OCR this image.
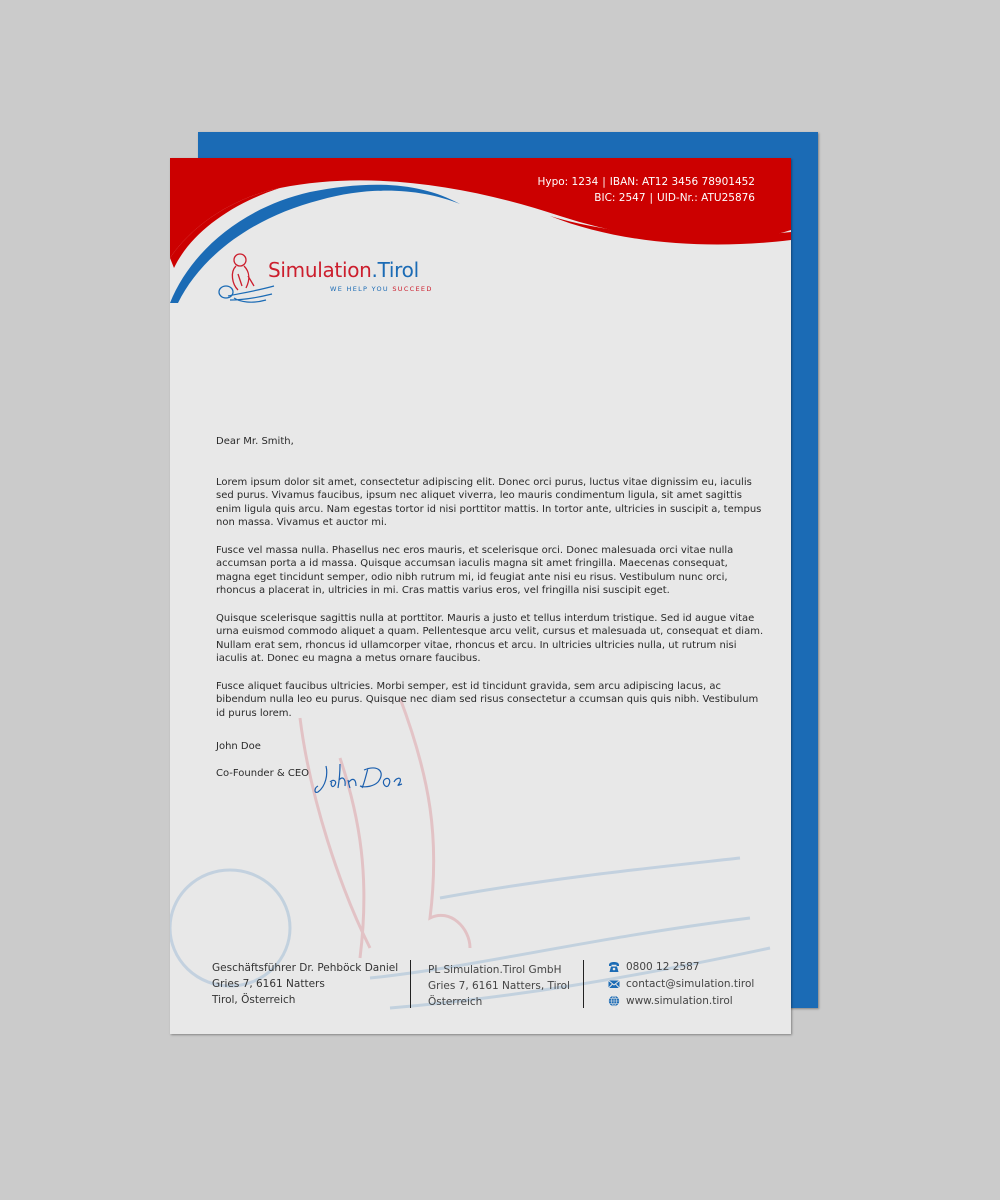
Hypo: 1234 | IBAN: AT12 3456 78901452
BIC: 2547 | UID-Nr.: ATU25876
Simulation.Tirol
WE HELP YOU SUCCEED

Dear Mr. Smith,

Lorem ipsum dolor sit amet, consectetur adipiscing elit. Donec orci purus, luctus vitae dignissim eu, iaculis sed purus. Vivamus faucibus, ipsum nec aliquet viverra, leo mauris condimentum ligula, sit amet sagittis enim ligula quis arcu. Nam egestas tortor id nisi porttitor mattis. In tortor ante, ultricies in suscipit a, tempus non massa. Vivamus et auctor mi.

Fusce vel massa nulla. Phasellus nec eros mauris, et scelerisque orci. Donec malesuada orci vitae nulla accumsan porta a id massa. Quisque accumsan iaculis magna sit amet fringilla. Maecenas consequat, magna eget tincidunt semper, odio nibh rutrum mi, id feugiat ante nisi eu risus. Vestibulum nunc orci, rhoncus a placerat in, ultricies in mi. Cras mattis varius eros, vel fringilla nisi suscipit eget.

Quisque scelerisque sagittis nulla at porttitor. Mauris a justo et tellus interdum tristique. Sed id augue vitae urna euismod commodo aliquet a quam. Pellentesque arcu velit, cursus et malesuada ut, consequat et diam. Nullam erat sem, rhoncus id ullamcorper vitae, rhoncus et arcu. In ultricies ultricies nulla, ut rutrum nisi iaculis at. Donec eu magna a metus ornare faucibus.

Fusce aliquet faucibus ultricies. Morbi semper, est id tincidunt gravida, sem arcu adipiscing lacus, ac bibendum nulla leo eu purus. Quisque nec diam sed risus consectetur a ccumsan quis quis nibh. Vestibulum id purus lorem.

John Doe

Co-Founder & CEO

Geschäftsführer Dr. Pehböck Daniel
Gries 7, 6161 Natters
Tirol, Österreich
PL Simulation.Tirol GmbH
Gries 7, 6161 Natters, Tirol
Österreich
0800 12 2587
contact@simulation.tirol
www.simulation.tirol
